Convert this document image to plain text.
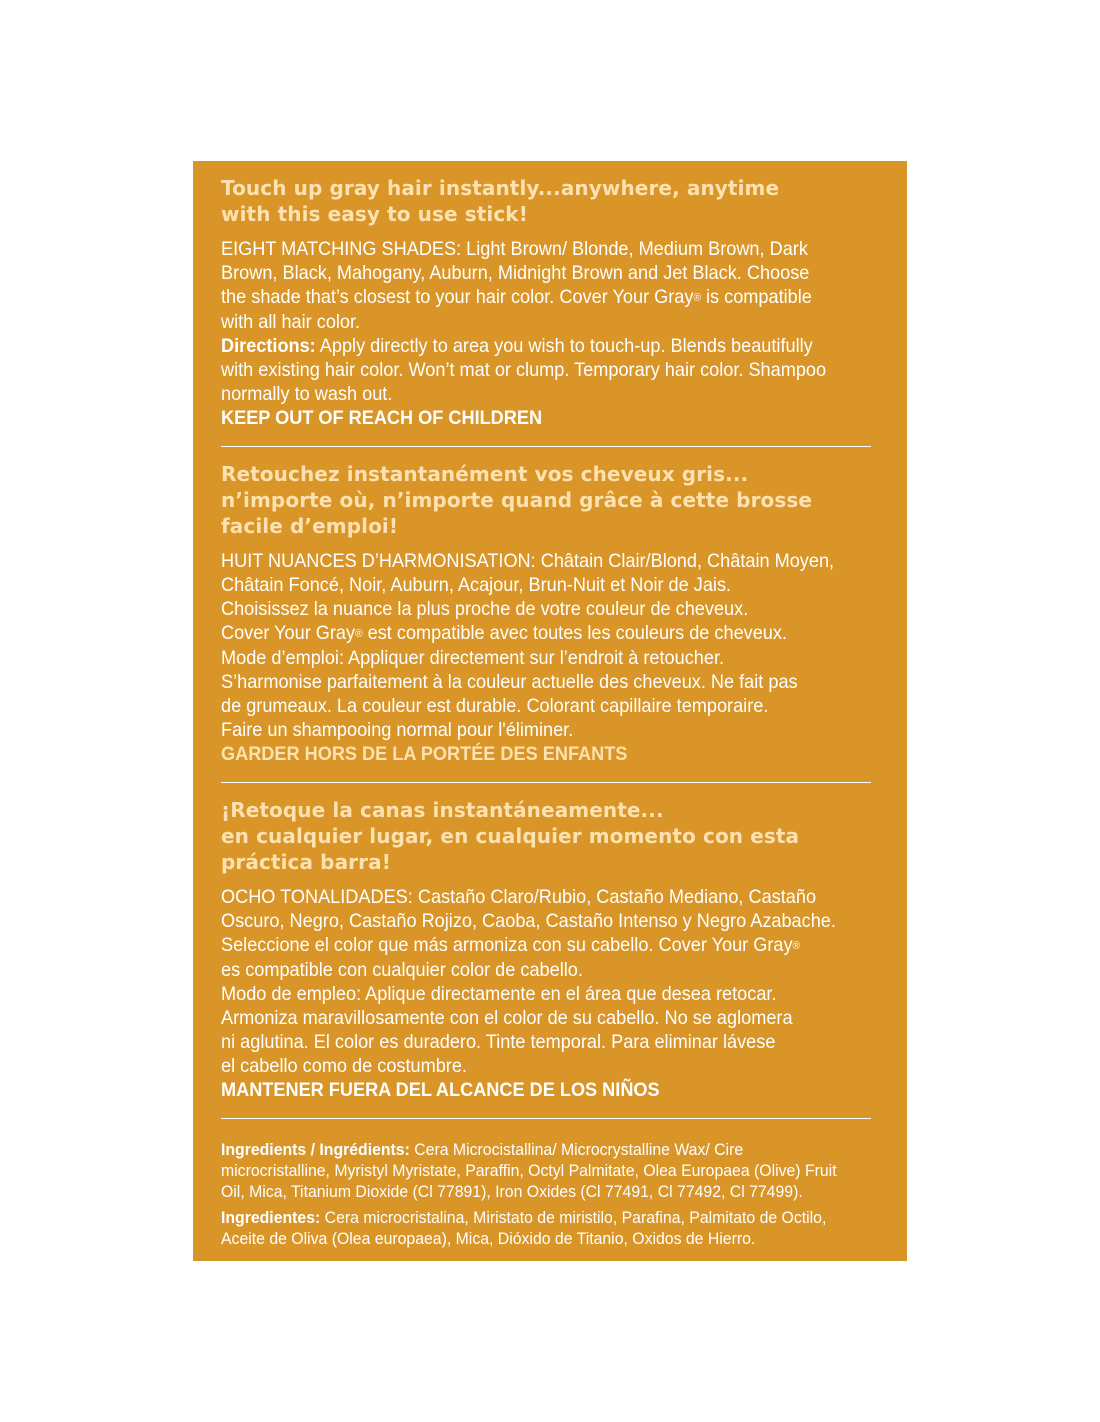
Touch up gray hair instantly...anywhere, anytime
with this easy to use stick!

EIGHT MATCHING SHADES: Light Brown/ Blonde, Medium Brown, Dark

Brown, Black, Mahogany, Auburn, Midnight Brown and Jet Black. Choose

the shade that’s closest to your hair color. Cover Your Gray® is compatible

with all hair color.

Directions: Apply directly to area you wish to touch-up. Blends beautifully

with existing hair color. Won’t mat or clump. Temporary hair color. Shampoo

normally to wash out.

KEEP OUT OF REACH OF CHILDREN

Retouchez instantanément vos cheveux gris...
n’importe où, n’importe quand grâce à cette brosse
facile d’emploi!

HUIT NUANCES D’HARMONISATION: Châtain Clair/Blond, Châtain Moyen,

Châtain Foncé, Noir, Auburn, Acajour, Brun-Nuit et Noir de Jais.

Choisissez la nuance la plus proche de votre couleur de cheveux.

Cover Your Gray® est compatible avec toutes les couleurs de cheveux.

Mode d’emploi: Appliquer directement sur l’endroit à retoucher.

S’harmonise parfaitement à la couleur actuelle des cheveux. Ne fait pas

de grumeaux. La couleur est durable. Colorant capillaire temporaire.

Faire un shampooing normal pour l'éliminer.

GARDER HORS DE LA PORTÉE DES ENFANTS

¡Retoque la canas instantáneamente...
en cualquier lugar, en cualquier momento con esta
práctica barra!

OCHO TONALIDADES: Castaño Claro/Rubio, Castaño Mediano, Castaño

Oscuro, Negro, Castaño Rojizo, Caoba, Castaño Intenso y Negro Azabache.

Seleccione el color que más armoniza con su cabello. Cover Your Gray®

es compatible con cualquier color de cabello.

Modo de empleo: Aplique directamente en el área que desea retocar.

Armoniza maravillosamente con el color de su cabello. No se aglomera

ni aglutina. El color es duradero. Tinte temporal. Para eliminar lávese

el cabello como de costumbre.

MANTENER FUERA DEL ALCANCE DE LOS NIÑOS

Ingredients / Ingrédients: Cera Microcistallina/ Microcrystalline Wax/ Cire
microcristalline, Myristyl Myristate, Paraffin, Octyl Palmitate, Olea Europaea (Olive) Fruit
Oil, Mica, Titanium Dioxide (Cl 77891), Iron Oxides (Cl 77491, Cl 77492, Cl 77499).

Ingredientes: Cera microcristalina, Miristato de miristilo, Parafina, Palmitato de Octilo,
Aceite de Oliva (Olea europaea), Mica, Dióxido de Titanio, Oxidos de Hierro.
